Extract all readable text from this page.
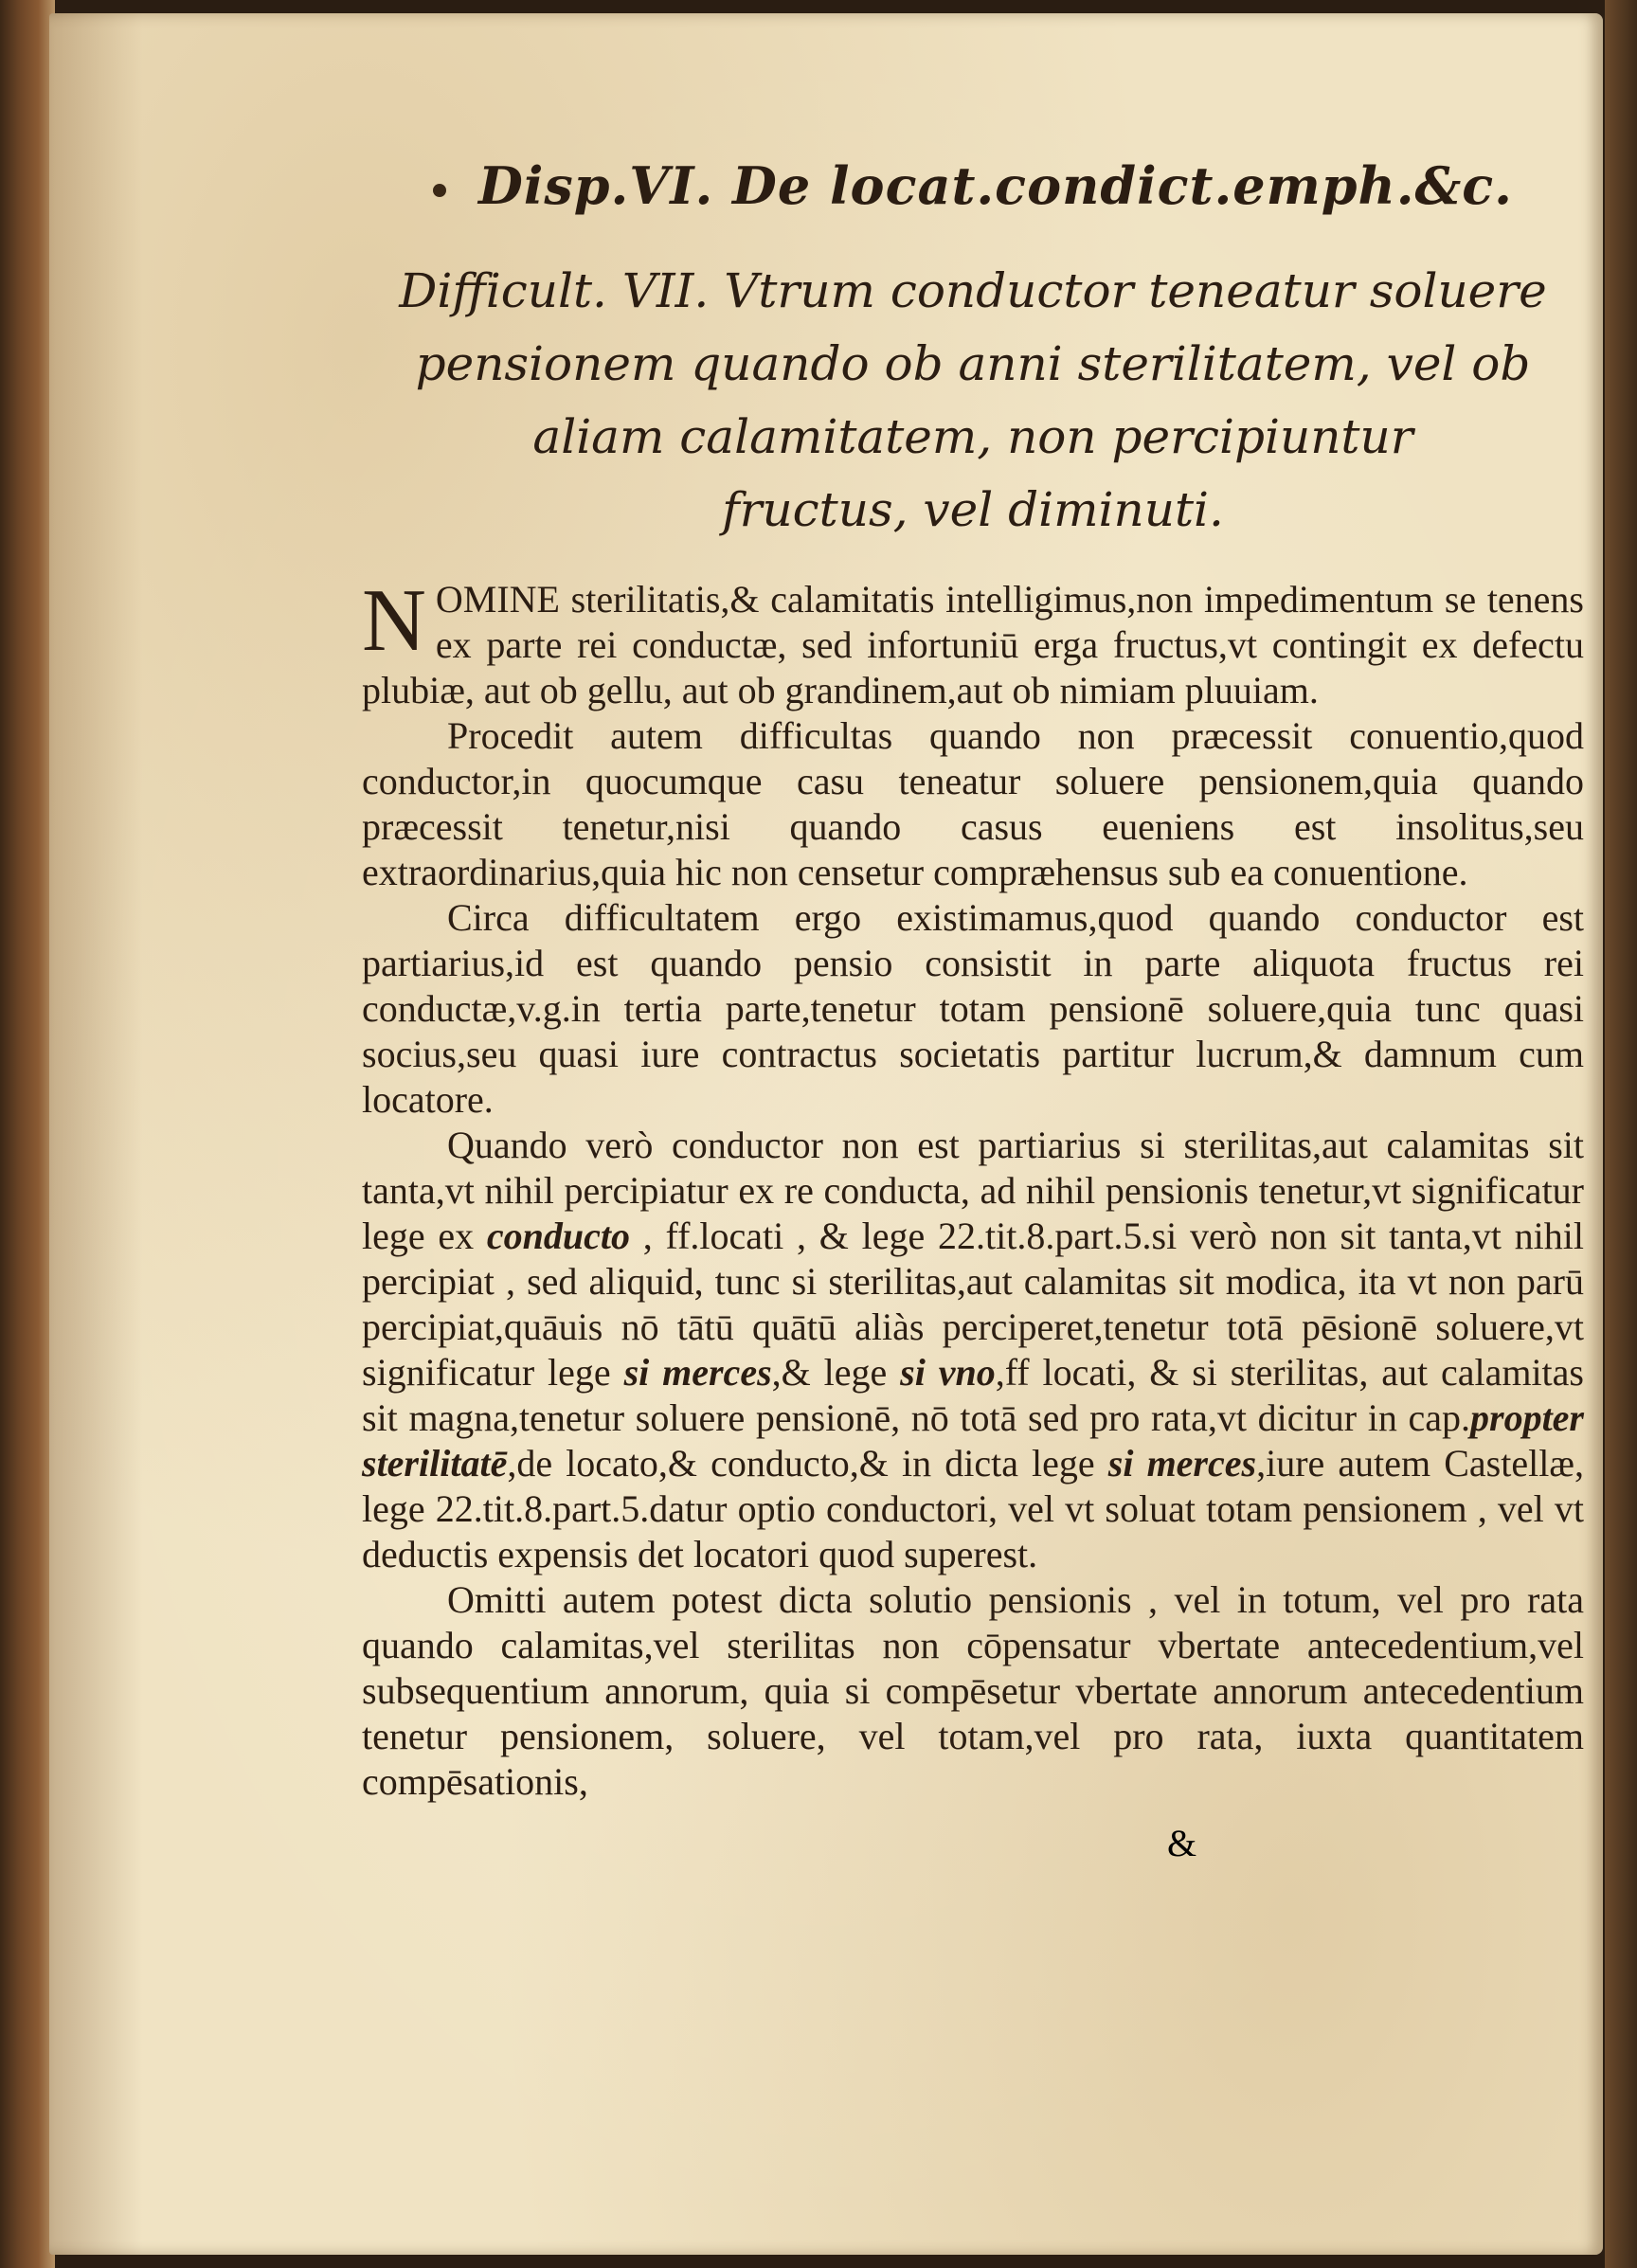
Disp.VI. De locat.condict.emph.&c.
Difficult. VII. Vtrum conductor teneatur soluere
pensionem quando ob anni sterilitatem, vel ob
aliam calamitatem, non percipiuntur
fructus, vel diminuti.

NOMINE sterilitatis,& calamitatis intelligimus,non impedimentum se tenens ex parte rei conductæ, sed infortuniū erga fructus,vt contingit ex defectu plubiæ, aut ob gellu, aut ob grandinem,aut ob nimiam pluuiam.

Procedit autem difficultas quando non præcessit conuentio,quod conductor,in quocumque casu teneatur soluere pensionem,quia quando præcessit tenetur,nisi quando casus eueniens est insolitus,seu extraordinarius,quia hic non censetur compræhensus sub ea conuentione.

Circa difficultatem ergo existimamus,quod quando conductor est partiarius,id est quando pensio consistit in parte aliquota fructus rei conductæ,v.g.in tertia parte,tenetur totam pensionē soluere,quia tunc quasi socius,seu quasi iure contractus societatis partitur lucrum,& damnum cum locatore.

Quando verò conductor non est partiarius si sterilitas,aut calamitas sit tanta,vt nihil percipiatur ex re conducta, ad nihil pensionis tenetur,vt significatur lege ex conducto , ff.locati , & lege 22.tit.8.part.5.si verò non sit tanta,vt nihil percipiat , sed aliquid, tunc si sterilitas,aut calamitas sit modica, ita vt non parū percipiat,quāuis nō tātū quātū aliàs perciperet,tenetur totā pēsionē soluere,vt significatur lege si merces,& lege si vno,ff locati, & si sterilitas, aut calamitas sit magna,tenetur soluere pensionē, nō totā sed pro rata,vt dicitur in cap.propter sterilitatē,de locato,& conducto,& in dicta lege si merces,iure autem Castellæ, lege 22.tit.8.part.5.datur optio conductori, vel vt soluat totam pensionem , vel vt deductis expensis det locatori quod superest.

Omitti autem potest dicta solutio pensionis , vel in totum, vel pro rata quando calamitas,vel sterilitas non cōpensatur vbertate antecedentium,vel subsequentium annorum, quia si compēsetur vbertate annorum antecedentium tenetur pensionem, soluere, vel totam,vel pro rata, iuxta quantitatem compēsationis,

&
